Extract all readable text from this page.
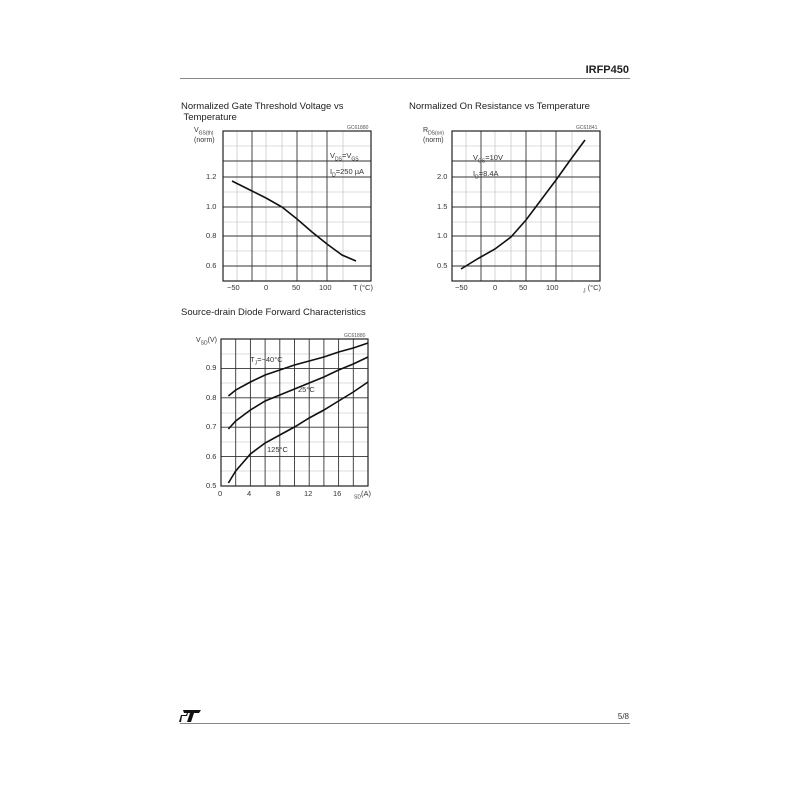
IRFP450
Normalized Gate Threshold Voltage vs
Temperature
Normalized On Resistance vs Temperature
Source-drain Diode Forward Characteristics
GC61880
$V_{GS(th)}$
(norm)
1.2
1.0
0.8
0.6
−50	0	50 100	T (°C)
$V_{DS}=V_{GS}$
$I_D=250$ µA
GC61841
$R_{DS(on)}$
(norm)
2.0
1.5
1.0
0.5
−50	0	50 100	$_J$ (°C)
$V_{GS}=10V$
$I_D=8.4A$
GC61880
$V_{SD}(V)$
0.9
0.8
0.7
0.6
0.5
0	4	8	12	16	$_{SD}$(A)
$T_J=-40^\circ C$
25°C
125°C
5/8
